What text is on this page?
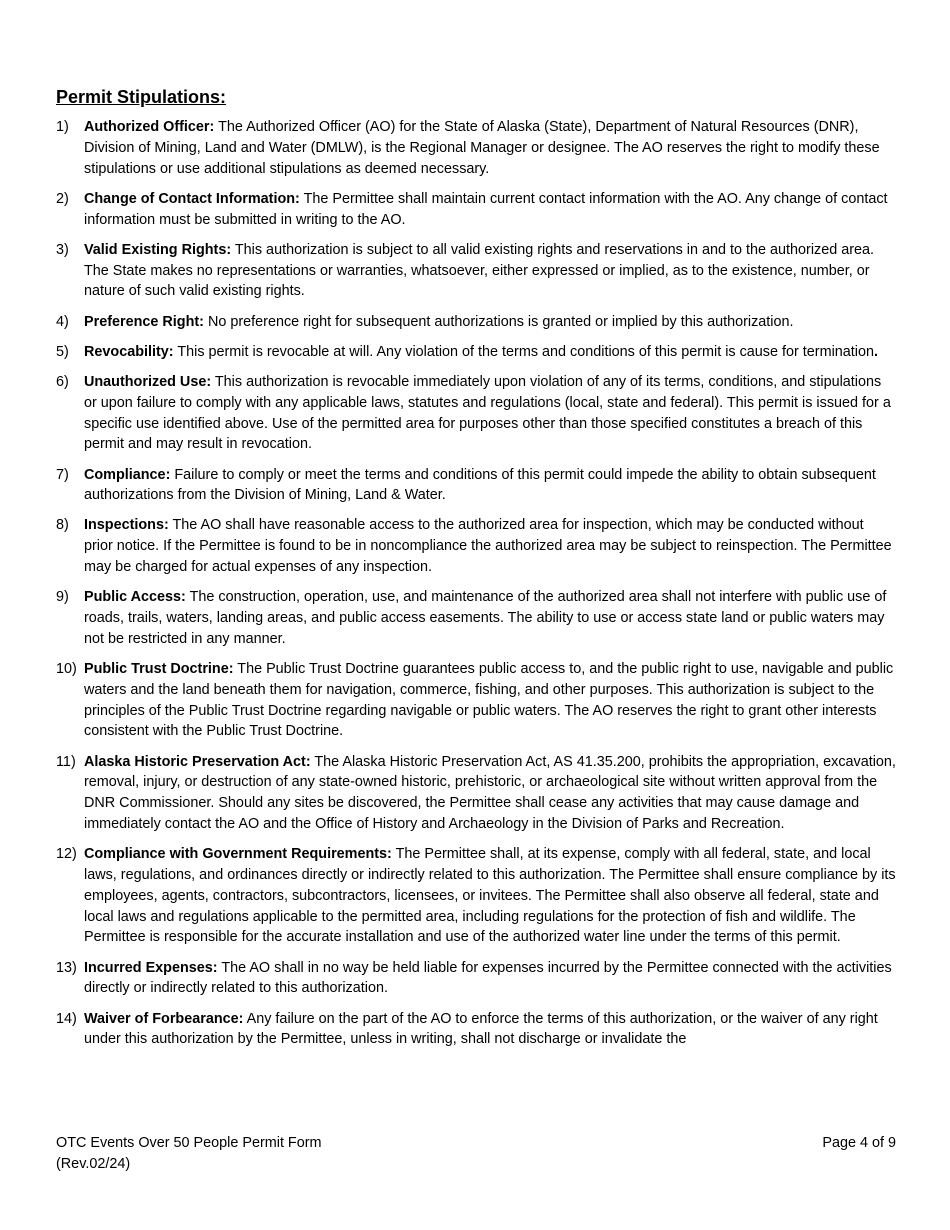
Permit Stipulations:
1)	Authorized Officer: The Authorized Officer (AO) for the State of Alaska (State), Department of Natural Resources (DNR), Division of Mining, Land and Water (DMLW), is the Regional Manager or designee. The AO reserves the right to modify these stipulations or use additional stipulations as deemed necessary.
2)	Change of Contact Information: The Permittee shall maintain current contact information with the AO. Any change of contact information must be submitted in writing to the AO.
3)	Valid Existing Rights: This authorization is subject to all valid existing rights and reservations in and to the authorized area. The State makes no representations or warranties, whatsoever, either expressed or implied, as to the existence, number, or nature of such valid existing rights.
4)	Preference Right: No preference right for subsequent authorizations is granted or implied by this authorization.
5)	Revocability: This permit is revocable at will. Any violation of the terms and conditions of this permit is cause for termination.
6)	Unauthorized Use: This authorization is revocable immediately upon violation of any of its terms, conditions, and stipulations or upon failure to comply with any applicable laws, statutes and regulations (local, state and federal). This permit is issued for a specific use identified above. Use of the permitted area for purposes other than those specified constitutes a breach of this permit and may result in revocation.
7)	Compliance: Failure to comply or meet the terms and conditions of this permit could impede the ability to obtain subsequent authorizations from the Division of Mining, Land & Water.
8)	Inspections: The AO shall have reasonable access to the authorized area for inspection, which may be conducted without prior notice. If the Permittee is found to be in noncompliance the authorized area may be subject to reinspection. The Permittee may be charged for actual expenses of any inspection.
9)	Public Access: The construction, operation, use, and maintenance of the authorized area shall not interfere with public use of roads, trails, waters, landing areas, and public access easements. The ability to use or access state land or public waters may not be restricted in any manner.
10) Public Trust Doctrine: The Public Trust Doctrine guarantees public access to, and the public right to use, navigable and public waters and the land beneath them for navigation, commerce, fishing, and other purposes. This authorization is subject to the principles of the Public Trust Doctrine regarding navigable or public waters. The AO reserves the right to grant other interests consistent with the Public Trust Doctrine.
11) Alaska Historic Preservation Act: The Alaska Historic Preservation Act, AS 41.35.200, prohibits the appropriation, excavation, removal, injury, or destruction of any state-owned historic, prehistoric, or archaeological site without written approval from the DNR Commissioner. Should any sites be discovered, the Permittee shall cease any activities that may cause damage and immediately contact the AO and the Office of History and Archaeology in the Division of Parks and Recreation.
12) Compliance with Government Requirements: The Permittee shall, at its expense, comply with all federal, state, and local laws, regulations, and ordinances directly or indirectly related to this authorization. The Permittee shall ensure compliance by its employees, agents, contractors, subcontractors, licensees, or invitees. The Permittee shall also observe all federal, state and local laws and regulations applicable to the permitted area, including regulations for the protection of fish and wildlife. The Permittee is responsible for the accurate installation and use of the authorized water line under the terms of this permit.
13) Incurred Expenses: The AO shall in no way be held liable for expenses incurred by the Permittee connected with the activities directly or indirectly related to this authorization.
14) Waiver of Forbearance: Any failure on the part of the AO to enforce the terms of this authorization, or the waiver of any right under this authorization by the Permittee, unless in writing, shall not discharge or invalidate the
OTC Events Over 50 People Permit Form
(Rev.02/24)
Page 4 of 9
